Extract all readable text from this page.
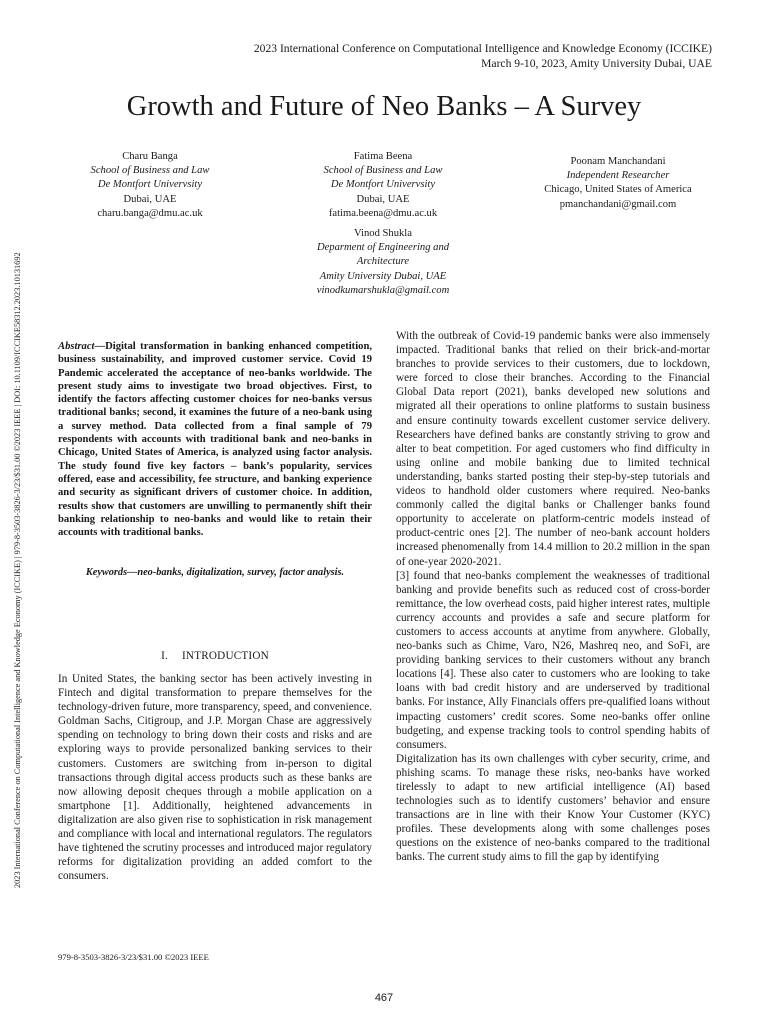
2023 International Conference on Computational Intelligence and Knowledge Economy (ICCIKE)
March 9-10, 2023, Amity University Dubai, UAE
2023 International Conference on Computational Intelligence and Knowledge Economy (ICCIKE) | 979-8-3503-3826-3/23/$31.00 ©2023 IEEE | DOI: 10.1109/ICCIKE58312.2023.10131692
Growth and Future of Neo Banks – A Survey
Charu Banga
School of Business and Law
De Montfort Univervsity
Dubai, UAE
charu.banga@dmu.ac.uk
Fatima Beena
School of Business and Law
De Montfort Univervsity
Dubai, UAE
fatima.beena@dmu.ac.uk
Poonam Manchandani
Independent Researcher
Chicago, United States of America
pmanchandani@gmail.com
Vinod Shukla
Deparment of Engineering and
Architecture
Amity University Dubai, UAE
vinodkumarshukla@gmail.com

Abstract—Digital transformation in banking enhanced competition, business sustainability, and improved customer service. Covid 19 Pandemic accelerated the acceptance of neo-banks worldwide. The present study aims to investigate two broad objectives. First, to identify the factors affecting customer choices for neo-banks versus traditional banks; second, it examines the future of a neo-bank using a survey method. Data collected from a final sample of 79 respondents with accounts with traditional bank and neo-banks in Chicago, United States of America, is analyzed using factor analysis. The study found five key factors – bank’s popularity, services offered, ease and accessibility, fee structure, and banking experience and security as significant drivers of customer choice. In addition, results show that customers are unwilling to permanently shift their banking relationship to neo-banks and would like to retain their accounts with traditional banks.

Keywords—neo-banks, digitalization, survey, factor analysis.
I. INTRODUCTION

In United States, the banking sector has been actively investing in Fintech and digital transformation to prepare themselves for the technology-driven future, more transparency, speed, and convenience. Goldman Sachs, Citigroup, and J.P. Morgan Chase are aggressively spending on technology to bring down their costs and risks and are exploring ways to provide personalized banking services to their customers. Customers are switching from in-person to digital transactions through digital access products such as these banks are now allowing deposit cheques through a mobile application on a smartphone [1]. Additionally, heightened advancements in digitalization are also given rise to sophistication in risk management and compliance with local and international regulators. The regulators have tightened the scrutiny processes and introduced major regulatory reforms for digitalization providing an added comfort to the consumers.

With the outbreak of Covid-19 pandemic banks were also immensely impacted. Traditional banks that relied on their brick-and-mortar branches to provide services to their customers, due to lockdown, were forced to close their branches. According to the Financial Global Data report (2021), banks developed new solutions and migrated all their operations to online platforms to sustain business and ensure continuity towards excellent customer service delivery. Researchers have defined banks are constantly striving to grow and alter to beat competition. For aged customers who find difficulty in using online and mobile banking due to limited technical understanding, banks started posting their step-by-step tutorials and videos to handhold older customers where required. Neo-banks commonly called the digital banks or Challenger banks found opportunity to accelerate on platform-centric models instead of product-centric ones [2]. The number of neo-bank account holders increased phenomenally from 14.4 million to 20.2 million in the span of one-year 2020-2021.

[3] found that neo-banks complement the weaknesses of traditional banking and provide benefits such as reduced cost of cross-border remittance, the low overhead costs, paid higher interest rates, multiple currency accounts and provides a safe and secure platform for customers to access accounts at anytime from anywhere. Globally, neo-banks such as Chime, Varo, N26, Mashreq neo, and SoFi, are providing banking services to their customers without any branch locations [4]. These also cater to customers who are looking to take loans with bad credit history and are underserved by traditional banks. For instance, Ally Financials offers pre-qualified loans without impacting customers’ credit scores. Some neo-banks offer online budgeting, and expense tracking tools to control spending habits of consumers.

Digitalization has its own challenges with cyber security, crime, and phishing scams. To manage these risks, neo-banks have worked tirelessly to adapt to new artificial intelligence (AI) based technologies such as to identify customers’ behavior and ensure transactions are in line with their Know Your Customer (KYC) profiles. These developments along with some challenges poses questions on the existence of neo-banks compared to the traditional banks. The current study aims to fill the gap by identifying

979-8-3503-3826-3/23/$31.00 ©2023 IEEE
467
